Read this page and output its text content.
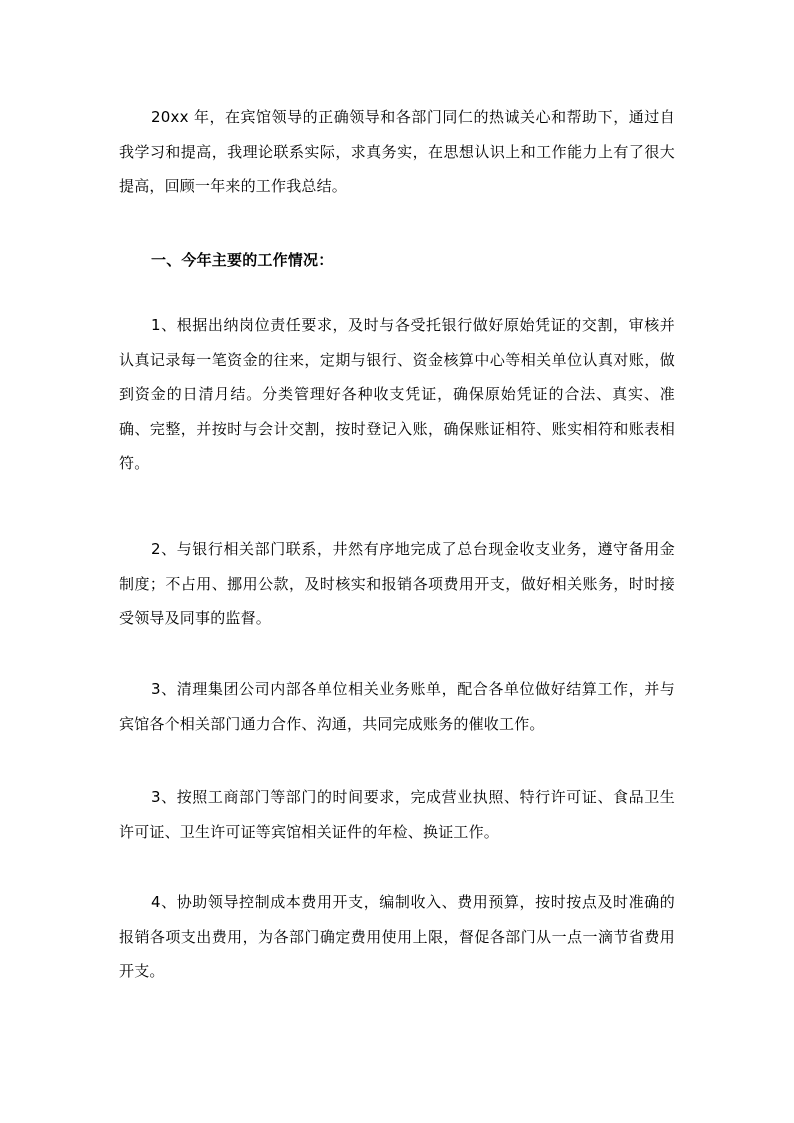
20xx 年，在宾馆领导的正确领导和各部门同仁的热诚关心和帮助下，通过自我学习和提高，我理论联系实际，求真务实，在思想认识上和工作能力上有了很大提高，回顾一年来的工作我总结。

一、今年主要的工作情况：

1、根据出纳岗位责任要求，及时与各受托银行做好原始凭证的交割，审核并认真记录每一笔资金的往来，定期与银行、资金核算中心等相关单位认真对账，做到资金的日清月结。分类管理好各种收支凭证，确保原始凭证的合法、真实、准确、完整，并按时与会计交割，按时登记入账，确保账证相符、账实相符和账表相符。

2、与银行相关部门联系，井然有序地完成了总台现金收支业务，遵守备用金制度；不占用、挪用公款，及时核实和报销各项费用开支，做好相关账务，时时接受领导及同事的监督。

3、清理集团公司内部各单位相关业务账单，配合各单位做好结算工作，并与宾馆各个相关部门通力合作、沟通，共同完成账务的催收工作。

3、按照工商部门等部门的时间要求，完成营业执照、特行许可证、食品卫生许可证、卫生许可证等宾馆相关证件的年检、换证工作。

4、协助领导控制成本费用开支，编制收入、费用预算，按时按点及时准确的报销各项支出费用，为各部门确定费用使用上限，督促各部门从一点一滴节省费用开支。
